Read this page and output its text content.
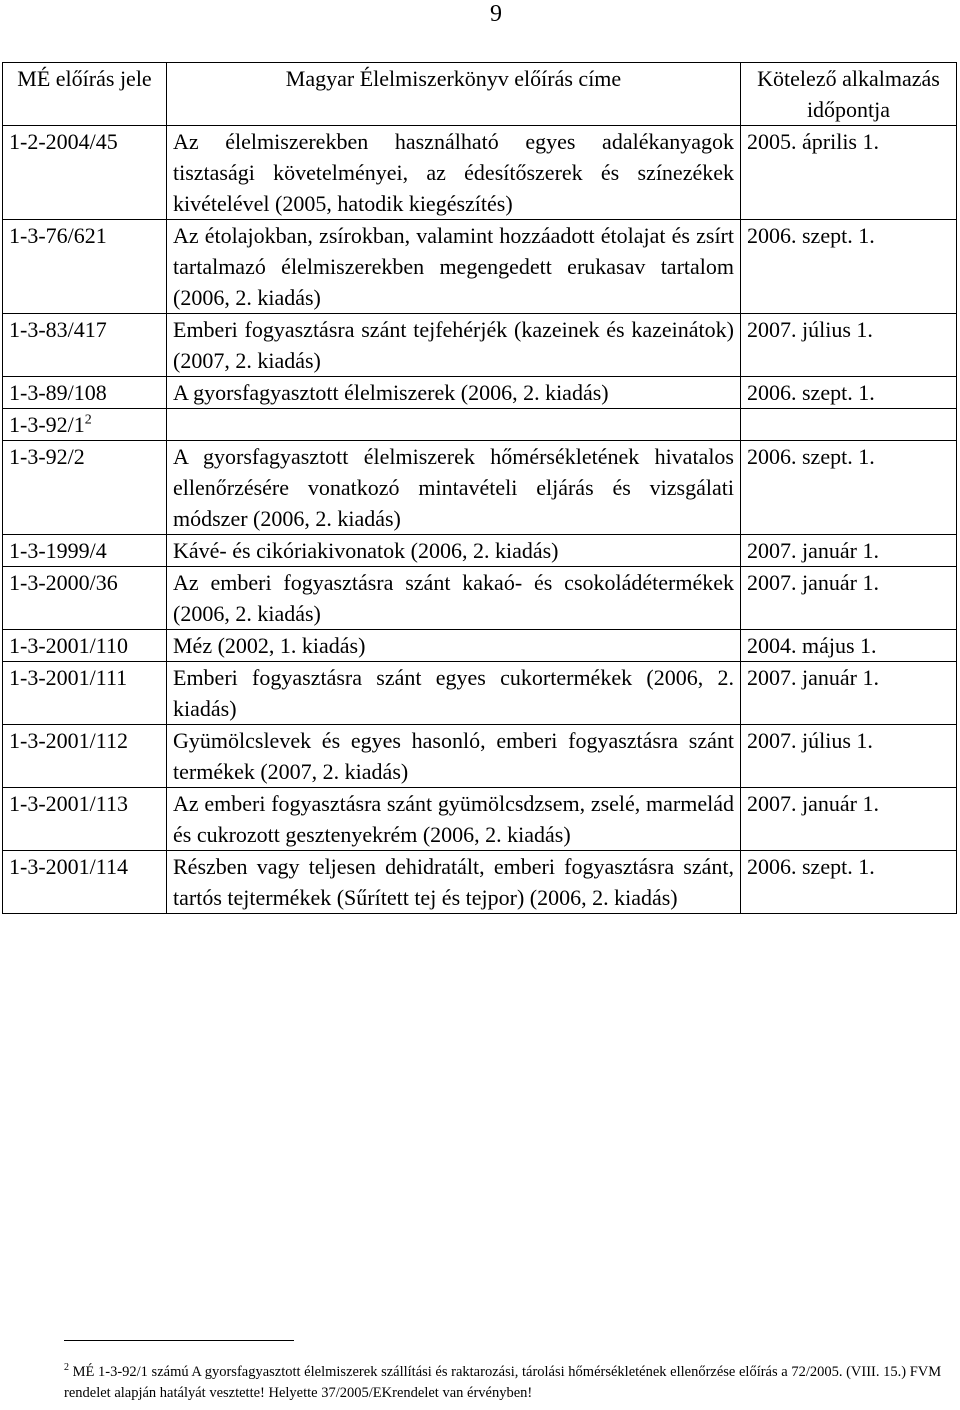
9
MÉ előírás jele	Magyar Élelmiszerkönyv előírás címe	Kötelező alkalmazás időpontja
1-2-2004/45	Az élelmiszerekben használható egyes adalékanyagok tisztasági követelményei, az édesítőszerek és színezékek kivételével (2005, hatodik kiegészítés)	2005. április 1.
1-3-76/621	Az étolajokban, zsírokban, valamint hozzáadott étolajat és zsírt tartalmazó élelmiszerekben megengedett erukasav tartalom (2006, 2. kiadás)	2006. szept. 1.
1-3-83/417	Emberi fogyasztásra szánt tejfehérjék (kazeinek és kazeinátok) (2007, 2. kiadás)	2007. július 1.
1-3-89/108	A gyorsfagyasztott élelmiszerek (2006, 2. kiadás)	2006. szept. 1.
$1-3-92/1^2$		
1-3-92/2	A gyorsfagyasztott élelmiszerek hőmérsékletének hivatalos ellenőrzésére vonatkozó mintavételi eljárás és vizsgálati módszer (2006, 2. kiadás)	2006. szept. 1.
1-3-1999/4	Kávé- és cikóriakivonatok (2006, 2. kiadás)	2007. január 1.
1-3-2000/36	Az emberi fogyasztásra szánt kakaó- és csokoládétermékek (2006, 2. kiadás)	2007. január 1.
1-3-2001/110	Méz (2002, 1. kiadás)	2004. május 1.
1-3-2001/111	Emberi fogyasztásra szánt egyes cukortermékek (2006, 2. kiadás)	2007. január 1.
1-3-2001/112	Gyümölcslevek és egyes hasonló, emberi fogyasztásra szánt termékek (2007, 2. kiadás)	2007. július 1.
1-3-2001/113	Az emberi fogyasztásra szánt gyümölcsdzsem, zselé, marmelád és cukrozott gesztenyekrém (2006, 2. kiadás)	2007. január 1.
1-3-2001/114	Részben vagy teljesen dehidratált, emberi fogyasztásra szánt, tartós tejtermékek (Sűrített tej és tejpor) (2006, 2. kiadás)	2006. szept. 1.
$^2$ MÉ 1-3-92/1 számú A gyorsfagyasztott élelmiszerek szállítási és raktarozási, tárolási hőmérsékletének ellenőrzése előírás a 72/2005. (VIII. 15.) FVM rendelet alapján hatályát vesztette! Helyette 37/2005/EKrendelet van érvényben!
